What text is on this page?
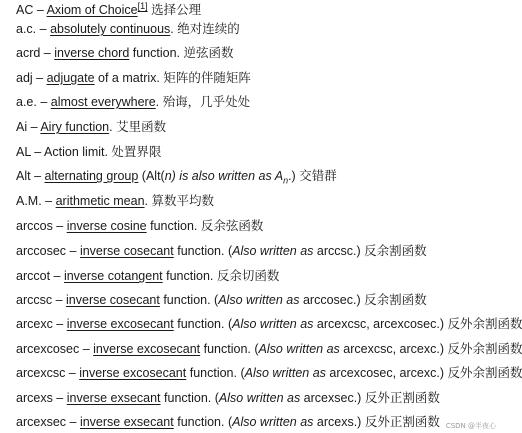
AC – Axiom of Choice[1] 选择公理
a.c. – absolutely continuous. 绝对连续的
acrd – inverse chord function. 逆弦函数
adj – adjugate of a matrix. 矩阵的伴随矩阵
a.e. – almost everywhere. 殆诲，几乎处处
Ai – Airy function. 艾里函数
AL – Action limit. 处置界限
Alt – alternating group (Alt(n) is also written as $A_n$.) 交错群
A.M. – arithmetic mean. 算数平均数
arccos – inverse cosine function. 反余弦函数
arccosec – inverse cosecant function. (Also written as arccsc.) 反余割函数
arccot – inverse cotangent function. 反余切函数
arccsc – inverse cosecant function. (Also written as arccosec.) 反余割函数
arcexc – inverse excosecant function. (Also written as arcexcsc, arcexcosec.) 反外余割函数
arcexcosec – inverse excosecant function. (Also written as arcexcsc, arcexc.) 反外余割函数
arcexcsc – inverse excosecant function. (Also written as arcexcosec, arcexc.) 反外余割函数
arcexs – inverse exsecant function. (Also written as arcexsec.) 反外正割函数
arcexsec – inverse exsecant function. (Also written as arcexs.) 反外正割函数 CSDN @半夜心
